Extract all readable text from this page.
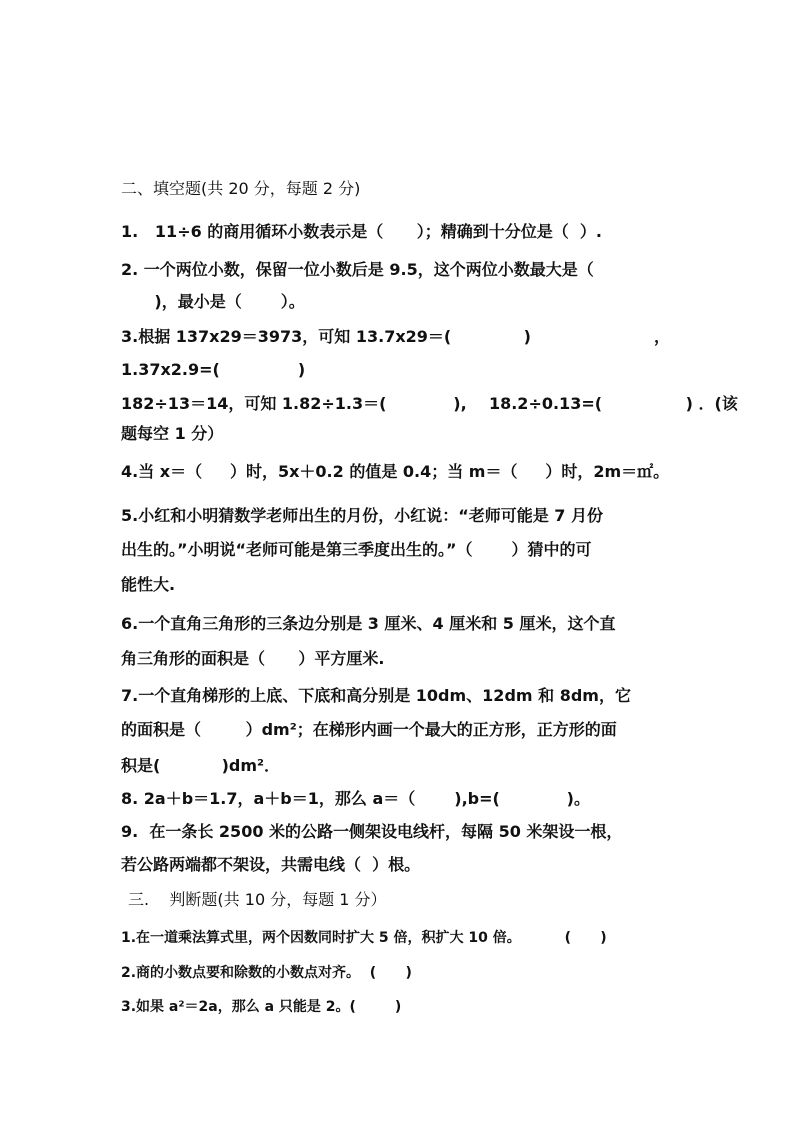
二、填空题(共 20 分，每题 2 分)
1.   11÷6 的商用循环小数表示是（      ）；精确到十分位是（  ）.
2. 一个两位小数，保留一位小数后是 9.5，这个两位小数最大是（
)，最小是（       ）。
3.根据 137x29＝3973，可知 13.7x29＝(             )	，
1.37x2.9=(              )
182÷13＝14，可知 1.82÷1.3＝(            ),    18.2÷0.13=(               ) ．(该
题每空 1 分）
4.当 x＝（     ）时，5x＋0.2 的值是 0.4；当 m＝（     ）时，2m＝㎡。
5.小红和小明猜数学老师出生的月份，小红说：“老师可能是 7 月份
出生的。”小明说“老师可能是第三季度出生的。”（       ）猜中的可
能性大.
6.一个直角三角形的三条边分别是 3 厘米、4 厘米和 5 厘米，这个直
角三角形的面积是（      ）平方厘米.
7.一个直角梯形的上底、下底和高分别是 10dm、12dm 和 8dm，它
的面积是（        ）dm²；在梯形内画一个最大的正方形，正方形的面
积是(           )dm²．
8. 2a＋b＝1.7，a＋b＝1，那么 a＝（       ),b=(            )。
9.  在一条长 2500 米的公路一侧架设电线杆，每隔 50 米架设一根，
若公路两端都不架设，共需电线（  ）根。
三.    判断题(共 10 分，每题 1 分）
1.在一道乘法算式里，两个因数同时扩大 5 倍，积扩大 10 倍。         (      )
2.商的小数点要和除数的小数点对齐。  (      )
3.如果 a²＝2a，那么 a 只能是 2。(        )
